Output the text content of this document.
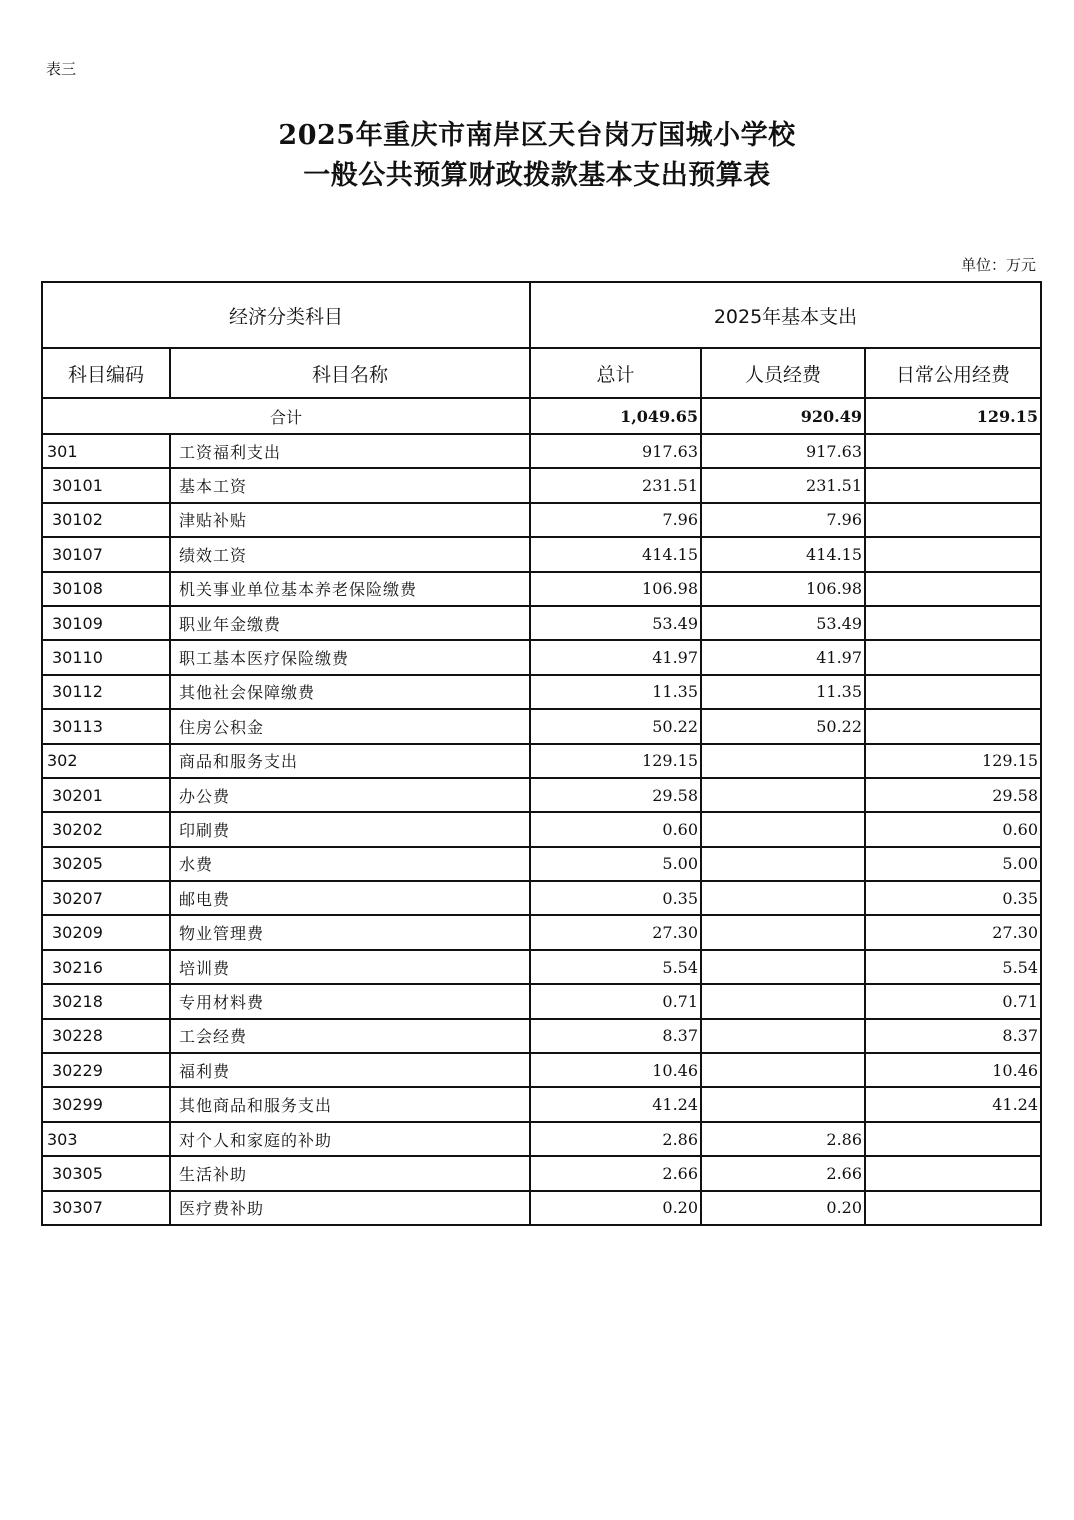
表三
2025年重庆市南岸区天台岗万国城小学校
一般公共预算财政拨款基本支出预算表
单位：万元
经济分类科目		2025年基本支出		
科目编码	科目名称	总计	人员经费	日常公用经费
合计		1,049.65	920.49	129.15
301	工资福利支出	917.63	917.63	
30101	基本工资	231.51	231.51	
30102	津贴补贴	7.96	7.96	
30107	绩效工资	414.15	414.15	
30108	机关事业单位基本养老保险缴费	106.98	106.98	
30109	职业年金缴费	53.49	53.49	
30110	职工基本医疗保险缴费	41.97	41.97	
30112	其他社会保障缴费	11.35	11.35	
30113	住房公积金	50.22	50.22	
302	商品和服务支出	129.15		129.15
30201	办公费	29.58		29.58
30202	印刷费	0.60		0.60
30205	水费	5.00		5.00
30207	邮电费	0.35		0.35
30209	物业管理费	27.30		27.30
30216	培训费	5.54		5.54
30218	专用材料费	0.71		0.71
30228	工会经费	8.37		8.37
30229	福利费	10.46		10.46
30299	其他商品和服务支出	41.24		41.24
303	对个人和家庭的补助	2.86	2.86	
30305	生活补助	2.66	2.66	
30307	医疗费补助	0.20	0.20	
